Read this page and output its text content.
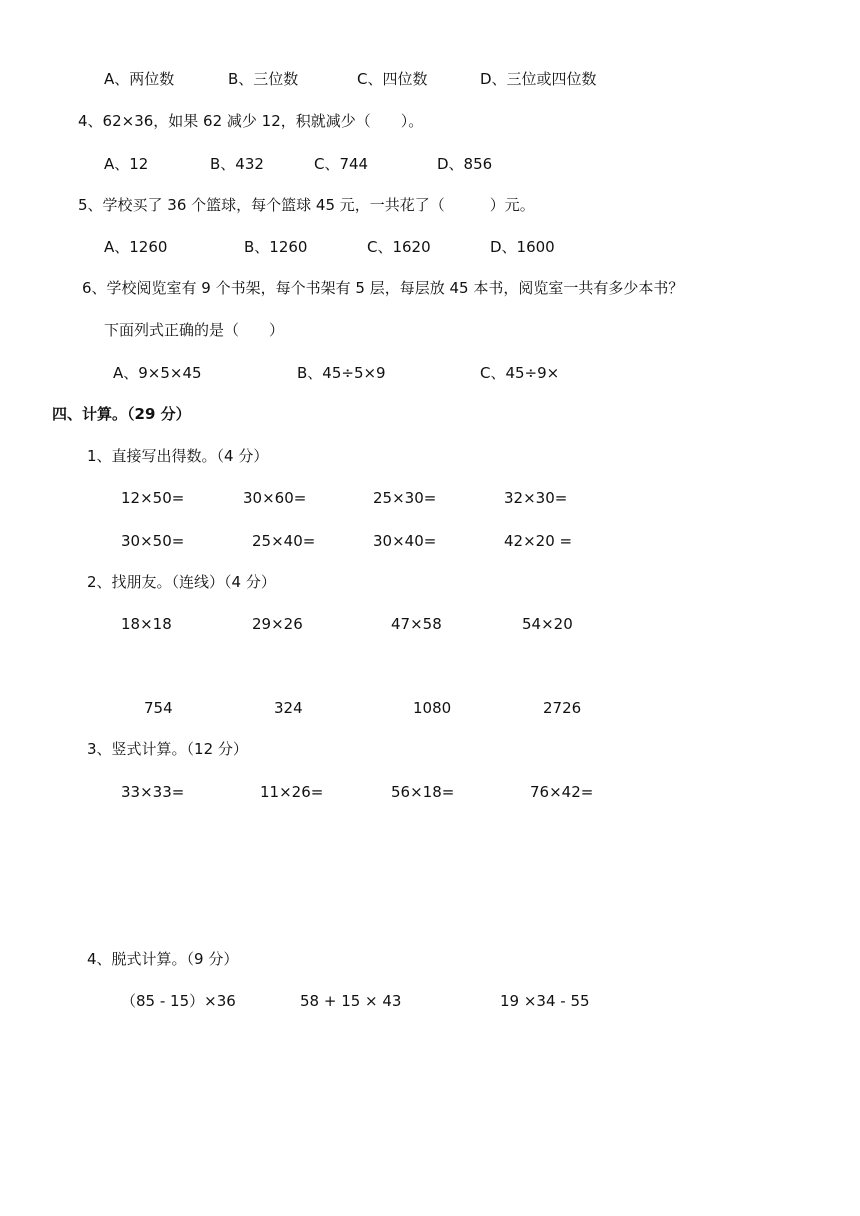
A、两位数	B、三位数	C、四位数	D、三位或四位数
4、62×36，如果 62 减少 12，积就减少（　　）。
A、12	B、432	C、744	D、856
5、学校买了 36 个篮球，每个篮球 45 元，一共花了（　　　）元。
A、1260	B、1260	C、1620	D、1600
6、学校阅览室有 9 个书架，每个书架有 5 层，每层放 45 本书，阅览室一共有多少本书？
下面列式正确的是（　　）
A、9×5×45	B、45÷5×9	C、45÷9×
四、计算。（29 分）
1、直接写出得数。（4 分）
12×50=	30×60=	25×30=	32×30=
30×50=	25×40=	30×40=	42×20 =
2、找朋友。（连线）（4 分）
18×18	29×26	47×58	54×20
754	324	1080	2726
3、竖式计算。（12 分）
33×33=	11×26=	56×18=	76×42=
4、脱式计算。（9 分）
（85 - 15）×36	58 + 15 × 43	19 ×34 - 55
